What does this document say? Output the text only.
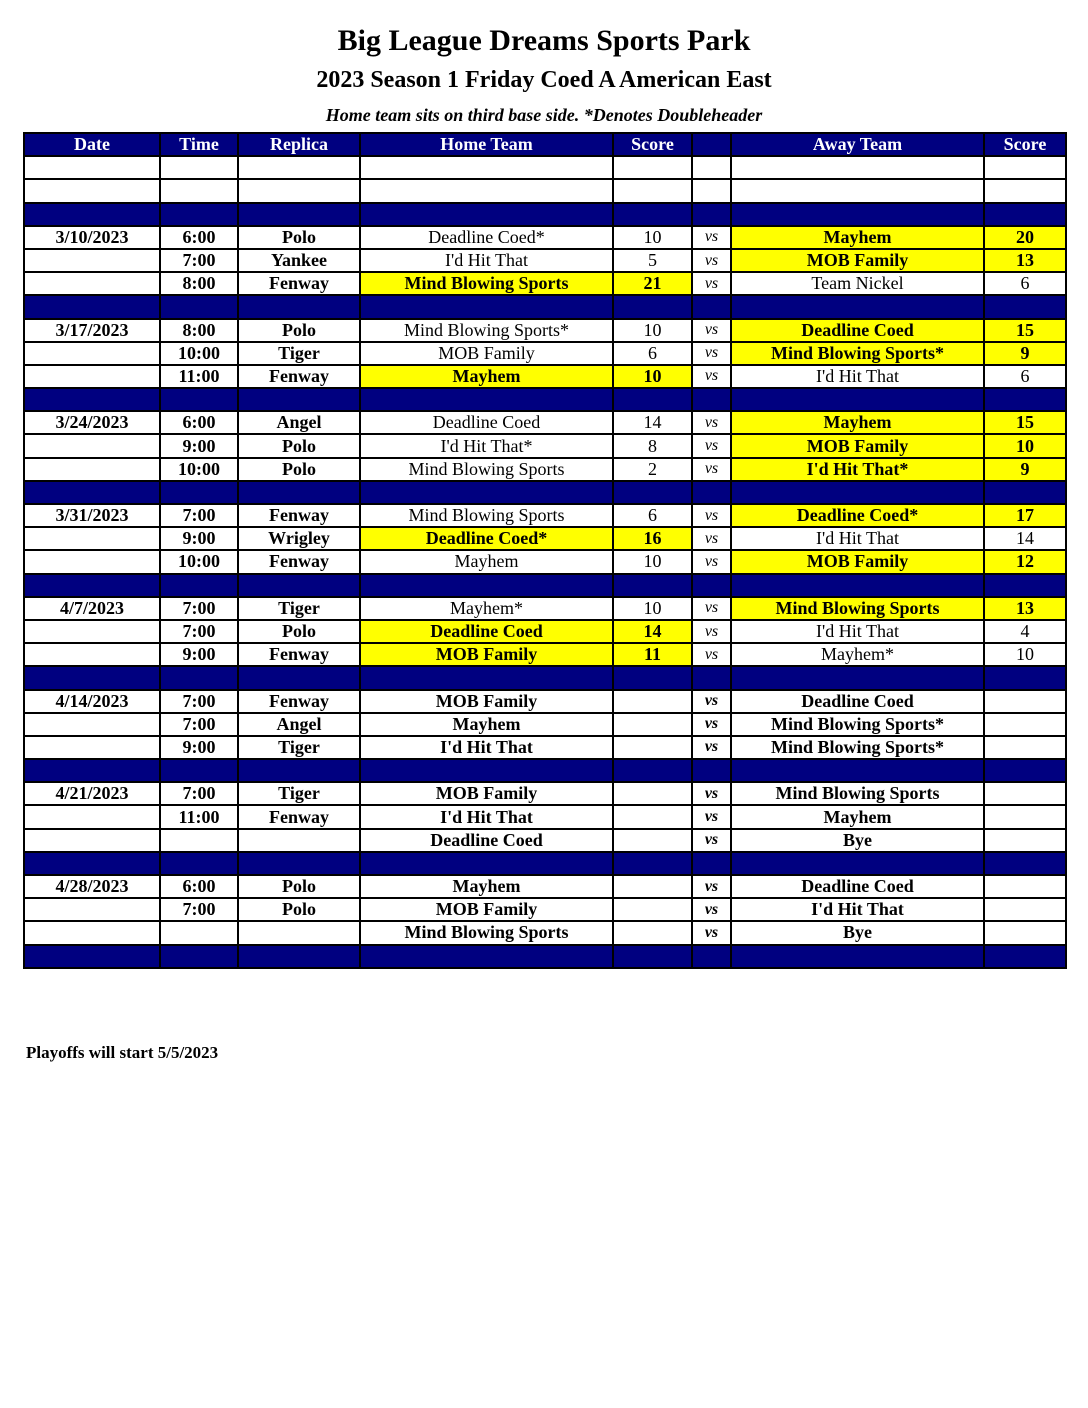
Big League Dreams Sports Park
2023 Season 1 Friday Coed A American East
Home team sits on third base side. *Denotes Doubleheader
Date	Time	Replica	Home Team	Score		Away Team	Score

3/10/2023	6:00	Polo	Deadline Coed*	10	vs	Mayhem	20
	7:00	Yankee	I'd Hit That	5	vs	MOB Family	13
	8:00	Fenway	Mind Blowing Sports	21	vs	Team Nickel	6

3/17/2023	8:00	Polo	Mind Blowing Sports*	10	vs	Deadline Coed	15
	10:00	Tiger	MOB Family	6	vs	Mind Blowing Sports*	9
	11:00	Fenway	Mayhem	10	vs	I'd Hit That	6

3/24/2023	6:00	Angel	Deadline Coed	14	vs	Mayhem	15
	9:00	Polo	I'd Hit That*	8	vs	MOB Family	10
	10:00	Polo	Mind Blowing Sports	2	vs	I'd Hit That*	9

3/31/2023	7:00	Fenway	Mind Blowing Sports	6	vs	Deadline Coed*	17
	9:00	Wrigley	Deadline Coed*	16	vs	I'd Hit That	14
	10:00	Fenway	Mayhem	10	vs	MOB Family	12

4/7/2023	7:00	Tiger	Mayhem*	10	vs	Mind Blowing Sports	13
	7:00	Polo	Deadline Coed	14	vs	I'd Hit That	4
	9:00	Fenway	MOB Family	11	vs	Mayhem*	10

4/14/2023	7:00	Fenway	MOB Family		vs	Deadline Coed	
	7:00	Angel	Mayhem		vs	Mind Blowing Sports*	
	9:00	Tiger	I'd Hit That		vs	Mind Blowing Sports*	

4/21/2023	7:00	Tiger	MOB Family		vs	Mind Blowing Sports	
	11:00	Fenway	I'd Hit That		vs	Mayhem	
			Deadline Coed		vs	Bye	

4/28/2023	6:00	Polo	Mayhem		vs	Deadline Coed	
	7:00	Polo	MOB Family		vs	I'd Hit That	
			Mind Blowing Sports		vs	Bye	

Playoffs will start 5/5/2023
